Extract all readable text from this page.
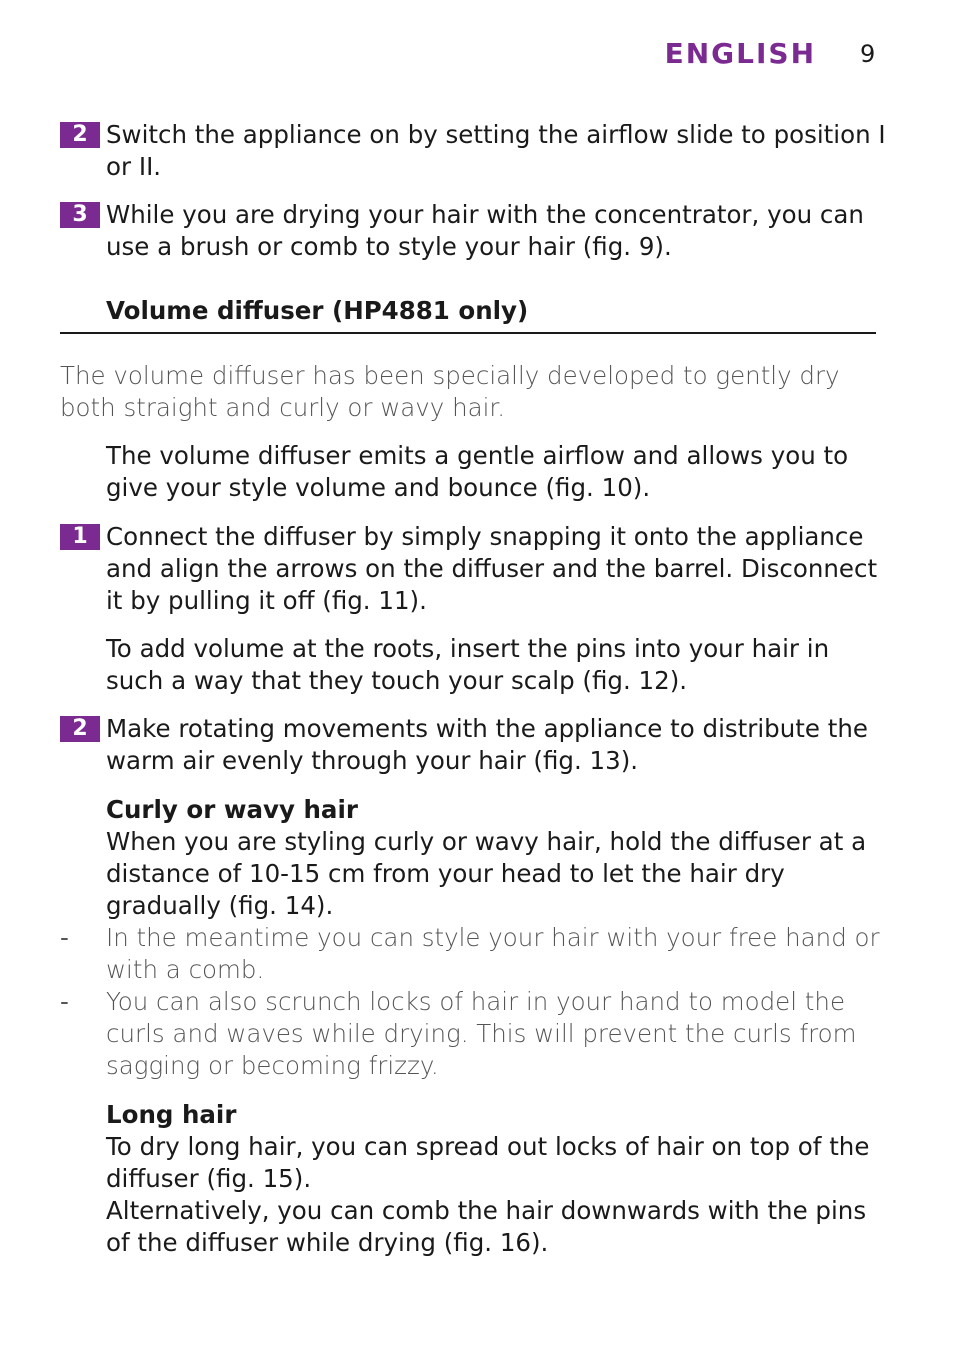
ENGLISH 9
2 Switch the appliance on by setting the airflow slide to position I or II.

3 While you are drying your hair with the concentrator, you can use a brush or comb to style your hair (fig. 9).

Volume diffuser (HP4881 only)

The volume diffuser has been specially developed to gently dry both straight and curly or wavy hair.

The volume diffuser emits a gentle airflow and allows you to give your style volume and bounce (fig. 10).

1 Connect the diffuser by simply snapping it onto the appliance and align the arrows on the diffuser and the barrel. Disconnect it by pulling it off (fig. 11).

To add volume at the roots, insert the pins into your hair in such a way that they touch your scalp (fig. 12).

2 Make rotating movements with the appliance to distribute the warm air evenly through your hair (fig. 13).

Curly or wavy hair
When you are styling curly or wavy hair, hold the diffuser at a distance of 10-15 cm from your head to let the hair dry gradually (fig. 14).
- In the meantime you can style your hair with your free hand or with a comb.

- You can also scrunch locks of hair in your hand to model the curls and waves while drying. This will prevent the curls from sagging or becoming frizzy.

Long hair
To dry long hair, you can spread out locks of hair on top of the diffuser (fig. 15).
Alternatively, you can comb the hair downwards with the pins of the diffuser while drying (fig. 16).
